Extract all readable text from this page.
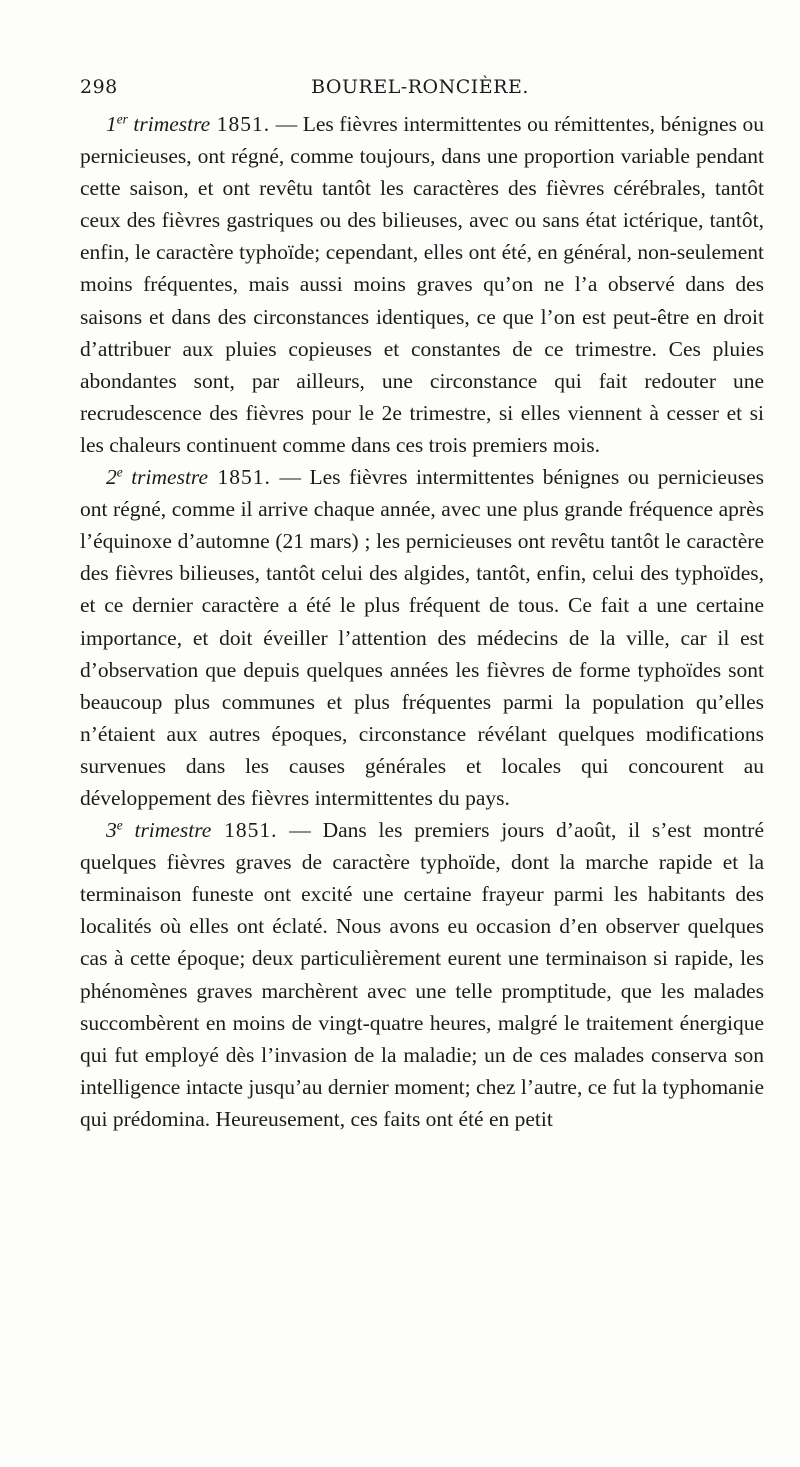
298	BOUREL-RONCIÈRE.

1er trimestre 1851. — Les fièvres intermittentes ou rémittentes, bénignes ou pernicieuses, ont régné, comme toujours, dans une proportion variable pendant cette saison, et ont revêtu tantôt les caractères des fièvres cérébrales, tantôt ceux des fièvres gastriques ou des bilieuses, avec ou sans état ictérique, tantôt, enfin, le caractère typhoïde; cependant, elles ont été, en général, non-seulement moins fréquentes, mais aussi moins graves qu’on ne l’a observé dans des saisons et dans des circonstances identiques, ce que l’on est peut-être en droit d’attribuer aux pluies copieuses et constantes de ce trimestre. Ces pluies abondantes sont, par ailleurs, une circonstance qui fait redouter une recrudescence des fièvres pour le 2e trimestre, si elles viennent à cesser et si les chaleurs continuent comme dans ces trois premiers mois.

2e trimestre 1851. — Les fièvres intermittentes bénignes ou pernicieuses ont régné, comme il arrive chaque année, avec une plus grande fréquence après l’équinoxe d’automne (21 mars) ; les pernicieuses ont revêtu tantôt le caractère des fièvres bilieuses, tantôt celui des algides, tantôt, enfin, celui des typhoïdes, et ce dernier caractère a été le plus fréquent de tous. Ce fait a une certaine importance, et doit éveiller l’attention des médecins de la ville, car il est d’observation que depuis quelques années les fièvres de forme typhoïdes sont beaucoup plus communes et plus fréquentes parmi la population qu’elles n’étaient aux autres époques, circonstance révélant quelques modifications survenues dans les causes générales et locales qui concourent au développement des fièvres intermittentes du pays.

3e trimestre 1851. — Dans les premiers jours d’août, il s’est montré quelques fièvres graves de caractère typhoïde, dont la marche rapide et la terminaison funeste ont excité une certaine frayeur parmi les habitants des localités où elles ont éclaté. Nous avons eu occasion d’en observer quelques cas à cette époque; deux particulièrement eurent une terminaison si rapide, les phénomènes graves marchèrent avec une telle promptitude, que les malades succombèrent en moins de vingt-quatre heures, malgré le traitement énergique qui fut employé dès l’invasion de la maladie; un de ces malades conserva son intelligence intacte jusqu’au dernier moment; chez l’autre, ce fut la typhomanie qui prédomina. Heureusement, ces faits ont été en petit
